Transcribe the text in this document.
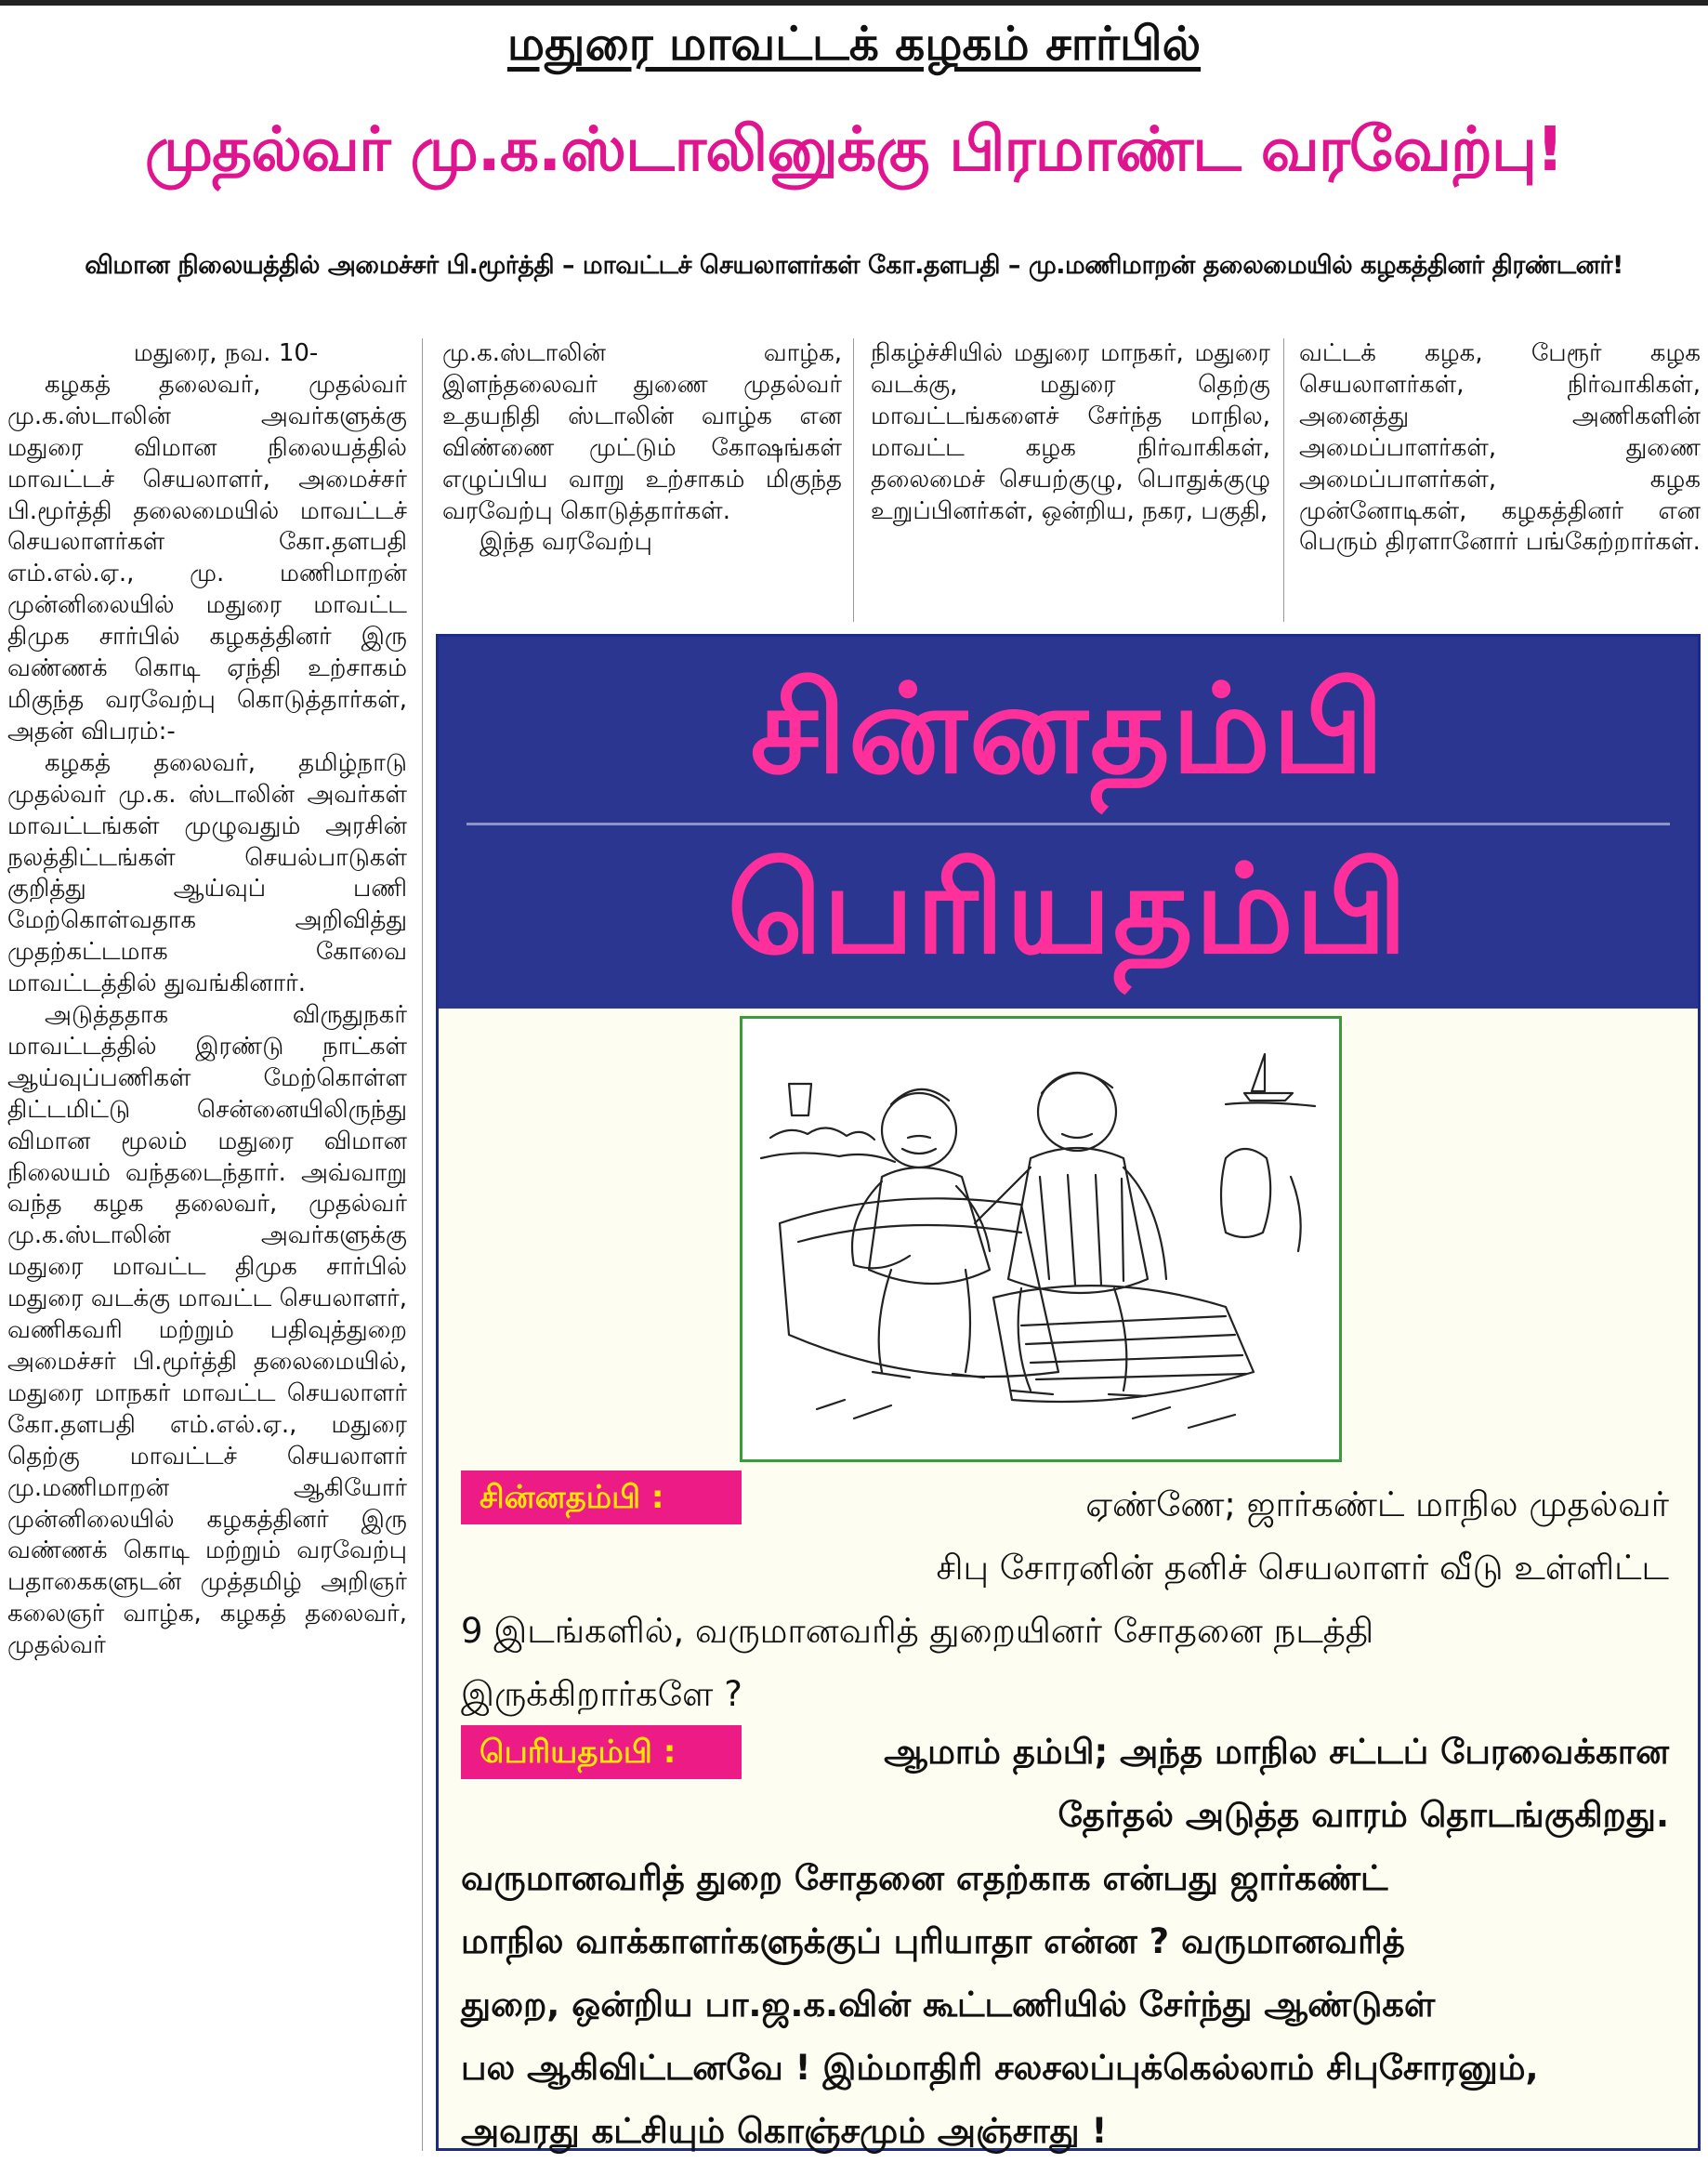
மதுரை மாவட்டக் கழகம் சார்பில்
முதல்வர் மு.க.ஸ்டாலினுக்கு பிரமாண்ட வரவேற்பு!
விமான நிலையத்தில் அமைச்சர் பி.மூர்த்தி – மாவட்டச் செயலாளர்கள் கோ.தளபதி – மு.மணிமாறன் தலைமையில் கழகத்தினர் திரண்டனர்!

மதுரை, நவ. 10-

கழகத் தலைவர், முதல்வர் மு.க.ஸ்டாலின் அவர்களுக்கு மதுரை விமான நிலையத்தில் மாவட்டச் செயலாளர், அமைச்சர் பி.மூர்த்தி தலைமையில் மாவட்டச் செயலாளர்கள் கோ.தளபதி எம்.எல்.ஏ., மு. மணிமாறன் முன்னிலையில் மதுரை மாவட்ட திமுக சார்பில் கழகத்தினர் இரு வண்ணக் கொடி ஏந்தி உற்சாகம் மிகுந்த வரவேற்பு கொடுத்தார்கள், அதன் விபரம்:-

கழகத் தலைவர், தமிழ்நாடு முதல்வர் மு.க. ஸ்டாலின் அவர்கள் மாவட்டங்கள் முழுவதும் அரசின் நலத்திட்டங்கள் செயல்பாடுகள் குறித்து ஆய்வுப் பணி மேற்கொள்வதாக அறிவித்து முதற்கட்டமாக கோவை மாவட்டத்தில் துவங்கினார்.

அடுத்ததாக விருதுநகர் மாவட்டத்தில் இரண்டு நாட்கள் ஆய்வுப்பணிகள் மேற்கொள்ள திட்டமிட்டு சென்னையிலிருந்து விமான மூலம் மதுரை விமான நிலையம் வந்தடைந்தார். அவ்வாறு வந்த கழக தலைவர், முதல்வர் மு.க.ஸ்டாலின் அவர்களுக்கு மதுரை மாவட்ட திமுக சார்பில் மதுரை வடக்கு மாவட்ட செயலாளர், வணிகவரி மற்றும் பதிவுத்துறை அமைச்சர் பி.மூர்த்தி தலைமையில், மதுரை மாநகர் மாவட்ட செயலாளர் கோ.தளபதி எம்.எல்.ஏ., மதுரை தெற்கு மாவட்டச் செயலாளர் மு.மணிமாறன் ஆகியோர் முன்னிலையில் கழகத்தினர் இரு வண்ணக் கொடி மற்றும் வரவேற்பு பதாகைகளுடன் முத்தமிழ் அறிஞர் கலைஞர் வாழ்க, கழகத் தலைவர், முதல்வர்

மு.க.ஸ்டாலின் வாழ்க, இளந்தலைவர் துணை முதல்வர் உதயநிதி ஸ்டாலின் வாழ்க என விண்ணை முட்டும் கோஷங்கள் எழுப்பிய வாறு உற்சாகம் மிகுந்த வரவேற்பு கொடுத்தார்கள்.

இந்த வரவேற்பு

நிகழ்ச்சியில் மதுரை மாநகர், மதுரை வடக்கு, மதுரை தெற்கு மாவட்டங்களைச் சேர்ந்த மாநில, மாவட்ட கழக நிர்வாகிகள், தலைமைச் செயற்குழு, பொதுக்குழு உறுப்பினர்கள், ஒன்றிய, நகர, பகுதி,

வட்டக் கழக, பேரூர் கழக செயலாளர்கள், நிர்வாகிகள், அனைத்து அணிகளின் அமைப்பாளர்கள், துணை அமைப்பாளர்கள், கழக முன்னோடிகள், கழகத்தினர் என பெரும் திரளானோர் பங்கேற்றார்கள்.

சின்னதம்பி
பெரியதம்பி
சின்னதம்பி :	ஏண்ணே; ஜார்கண்ட் மாநில முதல்வர்
சிபு சோரனின் தனிச் செயலாளர் வீடு உள்ளிட்ட
9 இடங்களில், வருமானவரித் துறையினர் சோதனை நடத்தி
இருக்கிறார்களே ?
பெரியதம்பி :	ஆமாம் தம்பி; அந்த மாநில சட்டப் பேரவைக்கான
தேர்தல் அடுத்த வாரம் தொடங்குகிறது.
வருமானவரித் துறை சோதனை எதற்காக என்பது ஜார்கண்ட்
மாநில வாக்காளர்களுக்குப் புரியாதா என்ன ? வருமானவரித்
துறை, ஒன்றிய பா.ஜ.க.வின் கூட்டணியில் சேர்ந்து ஆண்டுகள்
பல ஆகிவிட்டனவே ! இம்மாதிரி சலசலப்புக்கெல்லாம் சிபுசோரனும்,
அவரது கட்சியும் கொஞ்சமும் அஞ்சாது !
